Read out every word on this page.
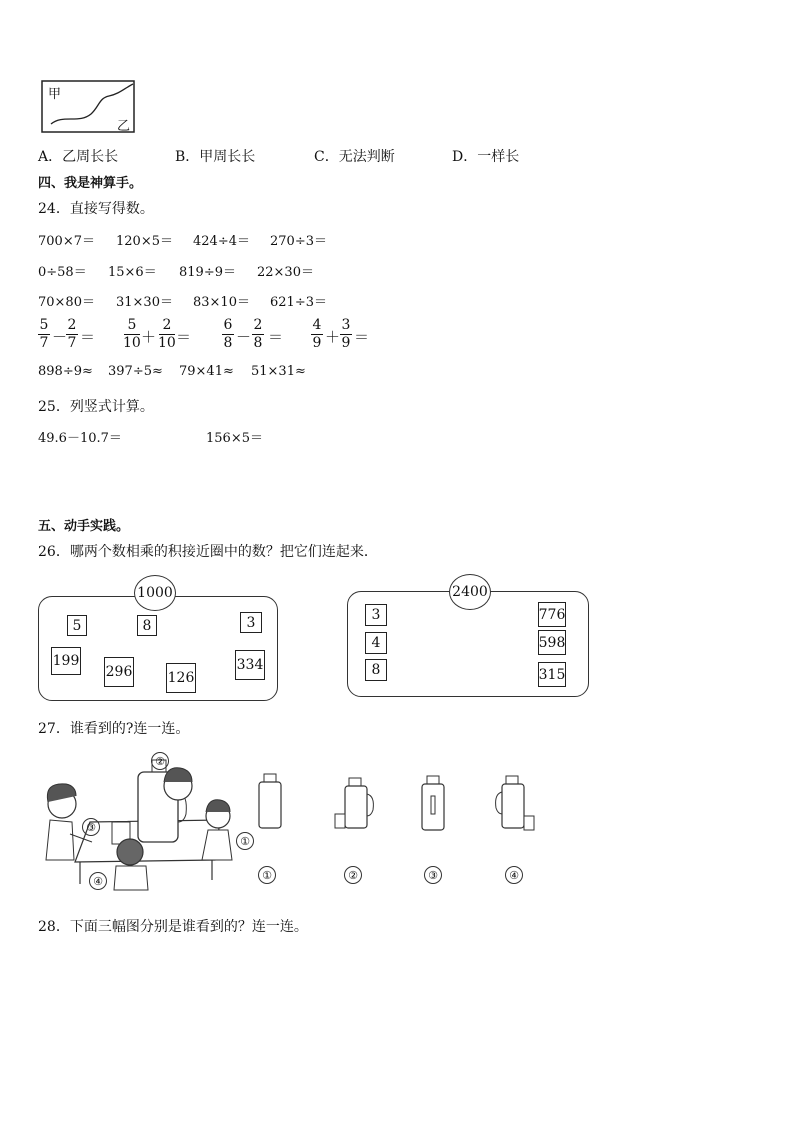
甲
乙
A．乙周长长	B．甲周长长	C．无法判断	D．一样长
四、我是神算手。
24．直接写得数。
700×7＝ 120×5＝ 424÷4＝ 270÷3＝
0÷58＝ 15×6＝ 819÷9＝ 22×30＝
70×80＝ 31×30＝ 83×10＝ 621÷3＝
5
7 －
2
7 ＝
5
10 ＋
2
10 ＝
6
8 －
2
8 ＝
4
9 ＋
3
9 ＝
898÷9≈ 397÷5≈ 79×41≈ 51×31≈
25．列竖式计算。
49.6－10.7＝	156×5＝
五、动手实践。
26．哪两个数相乘的积接近圈中的数？把它们连起来．
1000
5	8	3
199
296	126
334
2400
3
4
8
776
598
315
27．谁看到的?连一连。
②
③
①
④	①	②	③	④
28．下面三幅图分别是谁看到的？连一连。
